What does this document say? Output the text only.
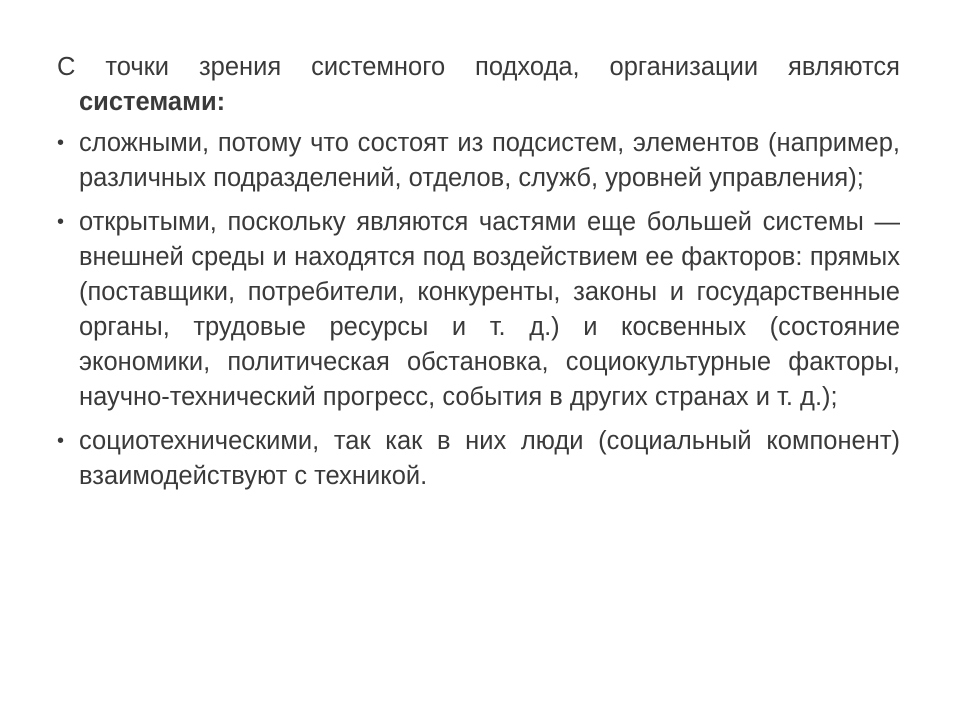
С точки зрения системного подхода, организации являются системами:

• сложными, потому что состоят из подсистем, элементов (например, различных подразделений, отделов, служб, уровней управления);
• открытыми, поскольку являются частями еще большей системы — внешней среды и находятся под воздействием ее факторов: прямых (поставщики, потребители, конкуренты, законы и государственные органы, трудовые ресурсы и т. д.) и косвенных (состояние экономики, политическая обстановка, социокультурные факторы, научно-технический прогресс, события в других странах и т. д.);
• социотехническими, так как в них люди (социальный компонент) взаимодействуют с техникой.
